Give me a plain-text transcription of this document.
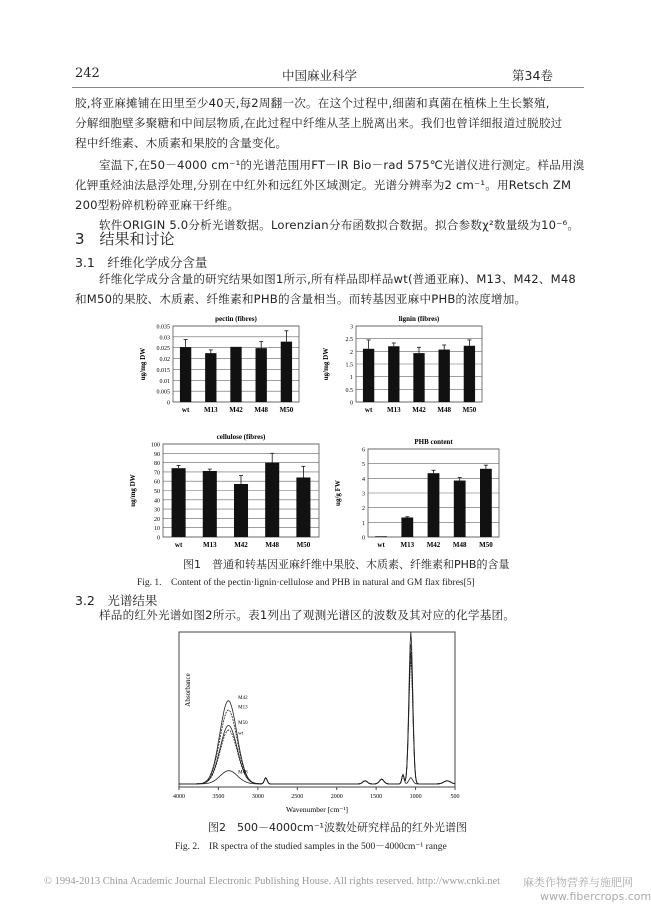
242	中国麻业科学	第34卷
胶,将亚麻摊铺在田里至少40天,每2周翻一次。在这个过程中,细菌和真菌在植株上生长繁殖,
分解细胞壁多聚糖和中间层物质,在此过程中纤维从茎上脱离出来。我们也曾详细报道过脱胶过
程中纤维素、木质素和果胶的含量变化。
室温下,在50－4000 cm⁻¹的光谱范围用FT－IR Bio－rad 575℃光谱仪进行测定。样品用溴
化钾重烃油法悬浮处理,分别在中红外和远红外区域测定。光谱分辨率为2 cm⁻¹。用Retsch ZM
200型粉碎机粉碎亚麻干纤维。
软件ORIGIN 5.0分析光谱数据。Lorenzian分布函数拟合数据。拟合参数χ²数量级为10⁻⁶。
3　结果和讨论
3.1　纤维化学成分含量
纤维化学成分含量的研究结果如图1所示,所有样品即样品wt(普通亚麻)、M13、M42、M48
和M50的果胶、木质素、纤维素和PHB的含量相当。而转基因亚麻中PHB的浓度增加。
pectin (fibres)
ug/mg DW
0
0.005
0.01
0.015
0.02
0.025
0.03
0.035
wt M13 M42 M48 M50
lignin (fibres)
ug/mg DW
0
0.5
1
1.5
2
2.5
3
wt M13 M42 M48 M50
cellulose (fibres)
ug/mg DW
0
10
20
30
40
50
60
70
80
90
100
wt	M13	M42	M48	M50
PHB content
ug/g FW
0
1
2
3
4
5
6
wt M13 M42 M48 M50
图1　普通和转基因亚麻纤维中果胶、木质素、纤维素和PHB的含量
Fig. 1.　Content of the pectin·lignin·cellulose and PHB in natural and GM flax fibres[5]
3.2　光谱结果
样品的红外光谱如图2所示。表1列出了观测光谱区的波数及其对应的化学基团。
4000	3500	3000	2500	2000	1500	1000	500
Wavenumber [cm⁻¹]
Absorbance	M42
M13
M50
wt
M48
图2　500－4000cm⁻¹波数处研究样品的红外光谱图
Fig. 2.　IR spectra of the studied samples in the 500－4000cm⁻¹ range
© 1994-2013 China Academic Journal Electronic Publishing House. All rights reserved. http://www.cnki.net 麻类作物营养与施肥网
www.fibercrops.com
